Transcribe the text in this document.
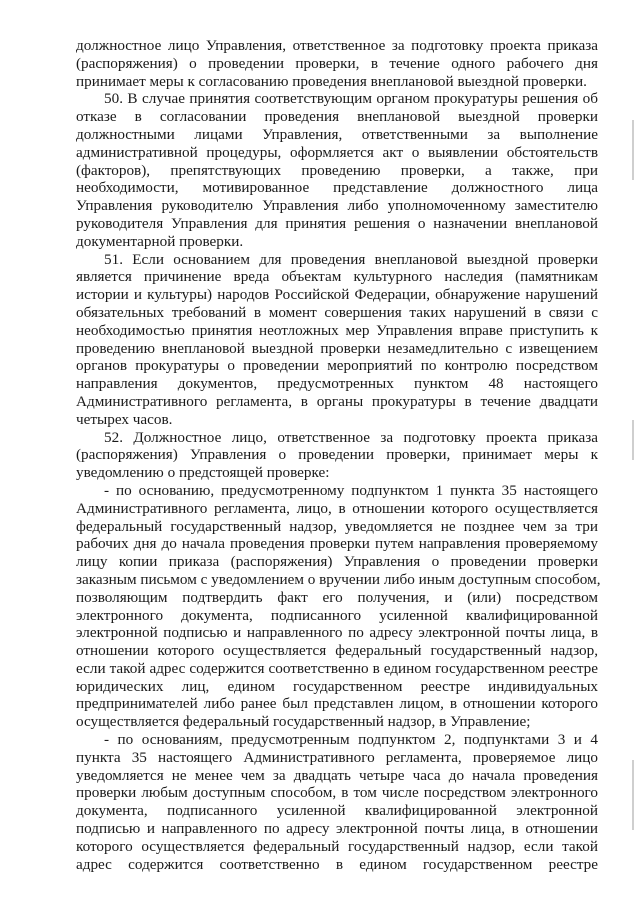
должностное лицо Управления, ответственное за подготовку проекта приказа
(распоряжения) о проведении проверки, в течение одного рабочего дня
принимает меры к согласованию проведения внеплановой выездной проверки.
50. В случае принятия соответствующим органом прокуратуры решения об
отказе в согласовании проведения внеплановой выездной проверки
должностными лицами Управления, ответственными за выполнение
административной процедуры, оформляется акт о выявлении обстоятельств
(факторов), препятствующих проведению проверки, а также, при
необходимости, мотивированное представление должностного лица
Управления руководителю Управления либо уполномоченному заместителю
руководителя Управления для принятия решения о назначении внеплановой
документарной проверки.
51. Если основанием для проведения внеплановой выездной проверки
является причинение вреда объектам культурного наследия (памятникам
истории и культуры) народов Российской Федерации, обнаружение нарушений
обязательных требований в момент совершения таких нарушений в связи с
необходимостью принятия неотложных мер Управления вправе приступить к
проведению внеплановой выездной проверки незамедлительно с извещением
органов прокуратуры о проведении мероприятий по контролю посредством
направления документов, предусмотренных пунктом 48 настоящего
Административного регламента, в органы прокуратуры в течение двадцати
четырех часов.
52. Должностное лицо, ответственное за подготовку проекта приказа
(распоряжения) Управления о проведении проверки, принимает меры к
уведомлению о предстоящей проверке:
- по основанию, предусмотренному подпунктом 1 пункта 35 настоящего
Административного регламента, лицо, в отношении которого осуществляется
федеральный государственный надзор, уведомляется не позднее чем за три
рабочих дня до начала проведения проверки путем направления проверяемому
лицу копии приказа (распоряжения) Управления о проведении проверки
заказным письмом с уведомлением о вручении либо иным доступным способом,
позволяющим подтвердить факт его получения, и (или) посредством
электронного документа, подписанного усиленной квалифицированной
электронной подписью и направленного по адресу электронной почты лица, в
отношении которого осуществляется федеральный государственный надзор,
если такой адрес содержится соответственно в едином государственном реестре
юридических лиц, едином государственном реестре индивидуальных
предпринимателей либо ранее был представлен лицом, в отношении которого
осуществляется федеральный государственный надзор, в Управление;
- по основаниям, предусмотренным подпунктом 2, подпунктами 3 и 4
пункта 35 настоящего Административного регламента, проверяемое лицо
уведомляется не менее чем за двадцать четыре часа до начала проведения
проверки любым доступным способом, в том числе посредством электронного
документа, подписанного усиленной квалифицированной электронной
подписью и направленного по адресу электронной почты лица, в отношении
которого осуществляется федеральный государственный надзор, если такой
адрес содержится соответственно в едином государственном реестре
